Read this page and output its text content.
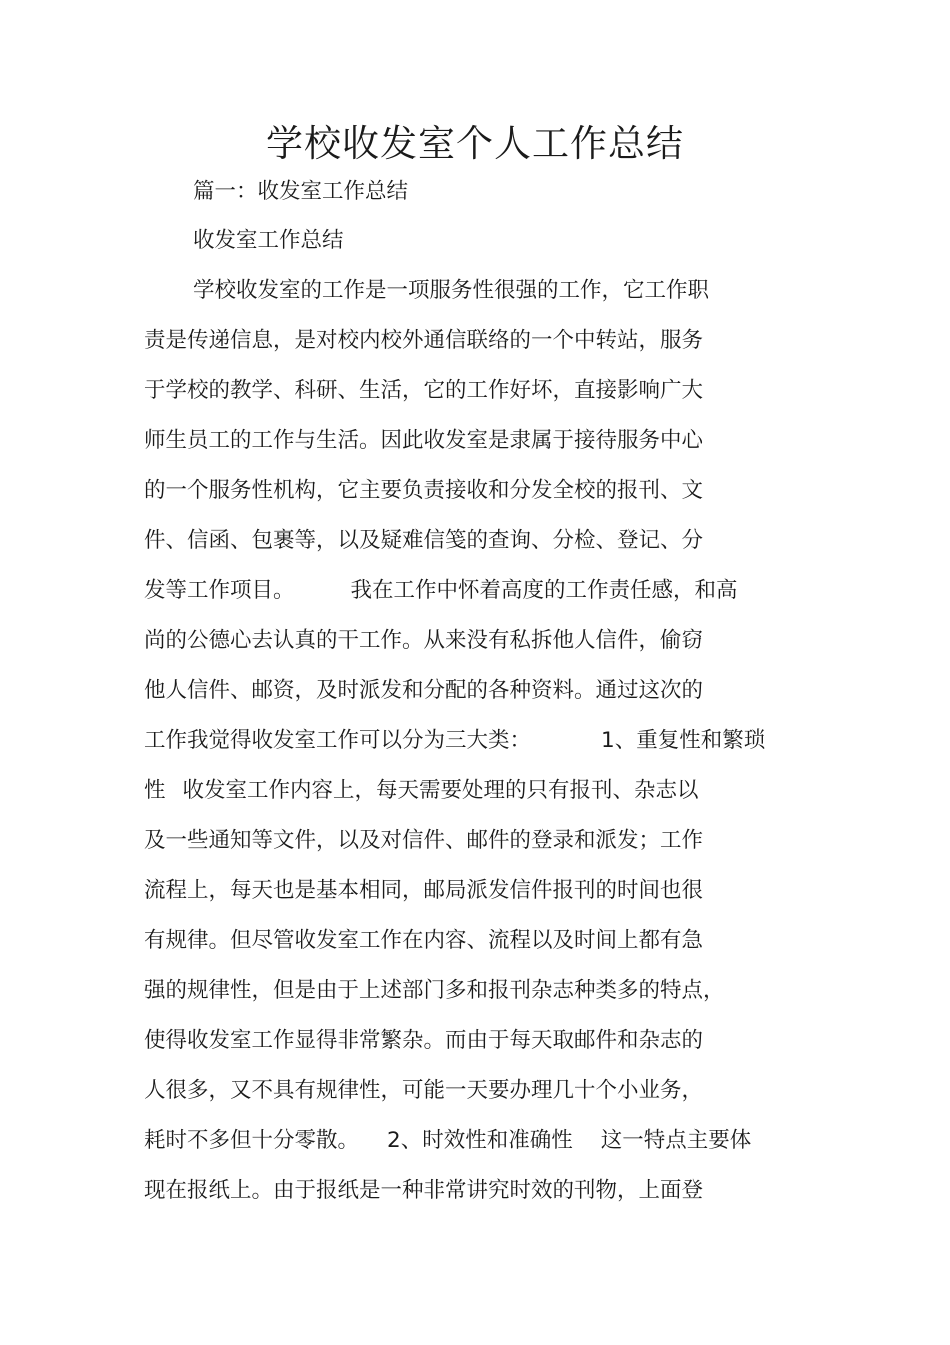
学校收发室个人工作总结
篇一：收发室工作总结
收发室工作总结
学校收发室的工作是一项服务性很强的工作，它工作职
责是传递信息，是对校内校外通信联络的一个中转站，服务
于学校的教学、科研、生活，它的工作好坏，直接影响广大
师生员工的工作与生活。因此收发室是隶属于接待服务中心
的一个服务性机构，它主要负责接收和分发全校的报刊、文
件、信函、包裹等，以及疑难信笺的查询、分检、登记、分
发等工作项目。	我在工作中怀着高度的工作责任感，和高
尚的公德心去认真的干工作。从来没有私拆他人信件，偷窃
他人信件、邮资，及时派发和分配的各种资料。通过这次的
工作我觉得收发室工作可以分为三大类：	1、重复性和繁琐
性 收发室工作内容上，每天需要处理的只有报刊、杂志以
及一些通知等文件，以及对信件、邮件的登录和派发；工作
流程上，每天也是基本相同，邮局派发信件报刊的时间也很
有规律。但尽管收发室工作在内容、流程以及时间上都有急
强的规律性，但是由于上述部门多和报刊杂志种类多的特点，
使得收发室工作显得非常繁杂。而由于每天取邮件和杂志的
人很多，又不具有规律性，可能一天要办理几十个小业务，
耗时不多但十分零散。 2、时效性和准确性 这一特点主要体
现在报纸上。由于报纸是一种非常讲究时效的刊物，上面登
